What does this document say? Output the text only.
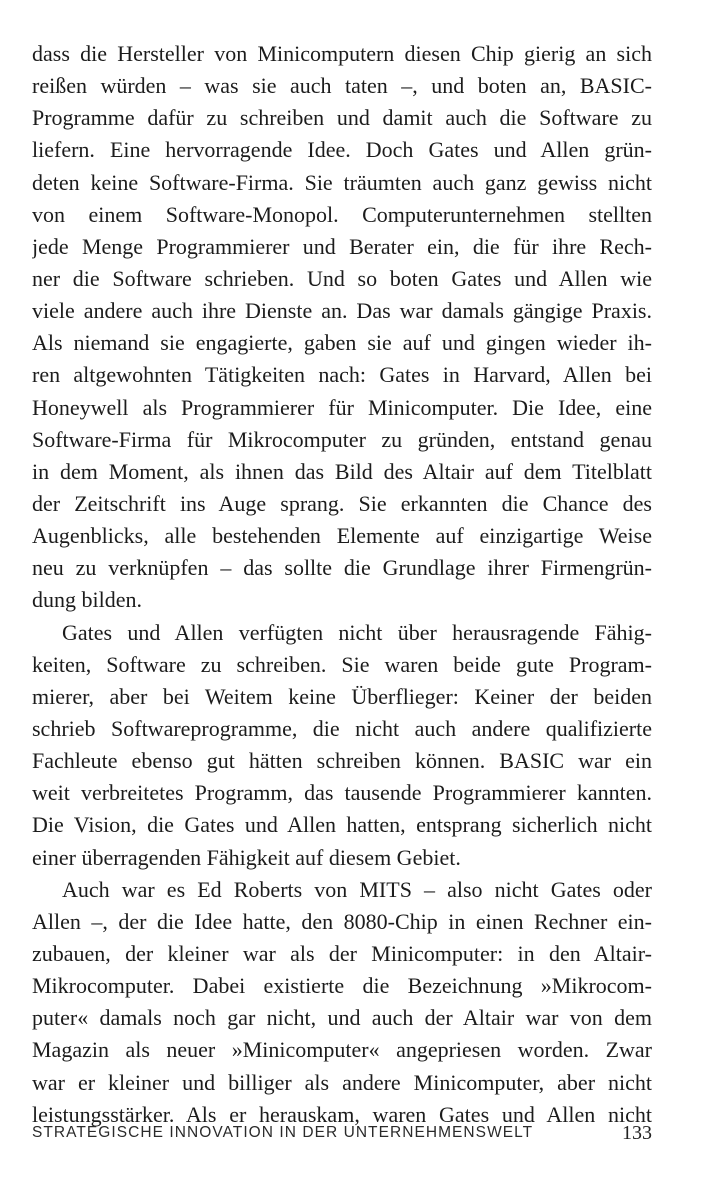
dass die Hersteller von Minicomputern diesen Chip gierig an sich
reißen würden – was sie auch taten –, und boten an, BASIC-
Programme dafür zu schreiben und damit auch die Software zu
liefern. Eine hervorragende Idee. Doch Gates und Allen grün-
deten keine Software-Firma. Sie träumten auch ganz gewiss nicht
von einem Software-Monopol. Computerunternehmen stellten
jede Menge Programmierer und Berater ein, die für ihre Rech-
ner die Software schrieben. Und so boten Gates und Allen wie
viele andere auch ihre Dienste an. Das war damals gängige Praxis.
Als niemand sie engagierte, gaben sie auf und gingen wieder ih-
ren altgewohnten Tätigkeiten nach: Gates in Harvard, Allen bei
Honeywell als Programmierer für Minicomputer. Die Idee, eine
Software-Firma für Mikrocomputer zu gründen, entstand genau
in dem Moment, als ihnen das Bild des Altair auf dem Titelblatt
der Zeitschrift ins Auge sprang. Sie erkannten die Chance des
Augenblicks, alle bestehenden Elemente auf einzigartige Weise
neu zu verknüpfen – das sollte die Grundlage ihrer Firmengrün-
dung bilden.
Gates und Allen verfügten nicht über herausragende Fähig-
keiten, Software zu schreiben. Sie waren beide gute Program-
mierer, aber bei Weitem keine Überflieger: Keiner der beiden
schrieb Softwareprogramme, die nicht auch andere qualifizierte
Fachleute ebenso gut hätten schreiben können. BASIC war ein
weit verbreitetes Programm, das tausende Programmierer kannten.
Die Vision, die Gates und Allen hatten, entsprang sicherlich nicht
einer überragenden Fähigkeit auf diesem Gebiet.
Auch war es Ed Roberts von MITS – also nicht Gates oder
Allen –, der die Idee hatte, den 8080-Chip in einen Rechner ein-
zubauen, der kleiner war als der Minicomputer: in den Altair-
Mikrocomputer. Dabei existierte die Bezeichnung »Mikrocom-
puter« damals noch gar nicht, und auch der Altair war von dem
Magazin als neuer »Minicomputer« angepriesen worden. Zwar
war er kleiner und billiger als andere Minicomputer, aber nicht
leistungsstärker. Als er herauskam, waren Gates und Allen nicht
STRATEGISCHE INNOVATION IN DER UNTERNEHMENSWELT	133
